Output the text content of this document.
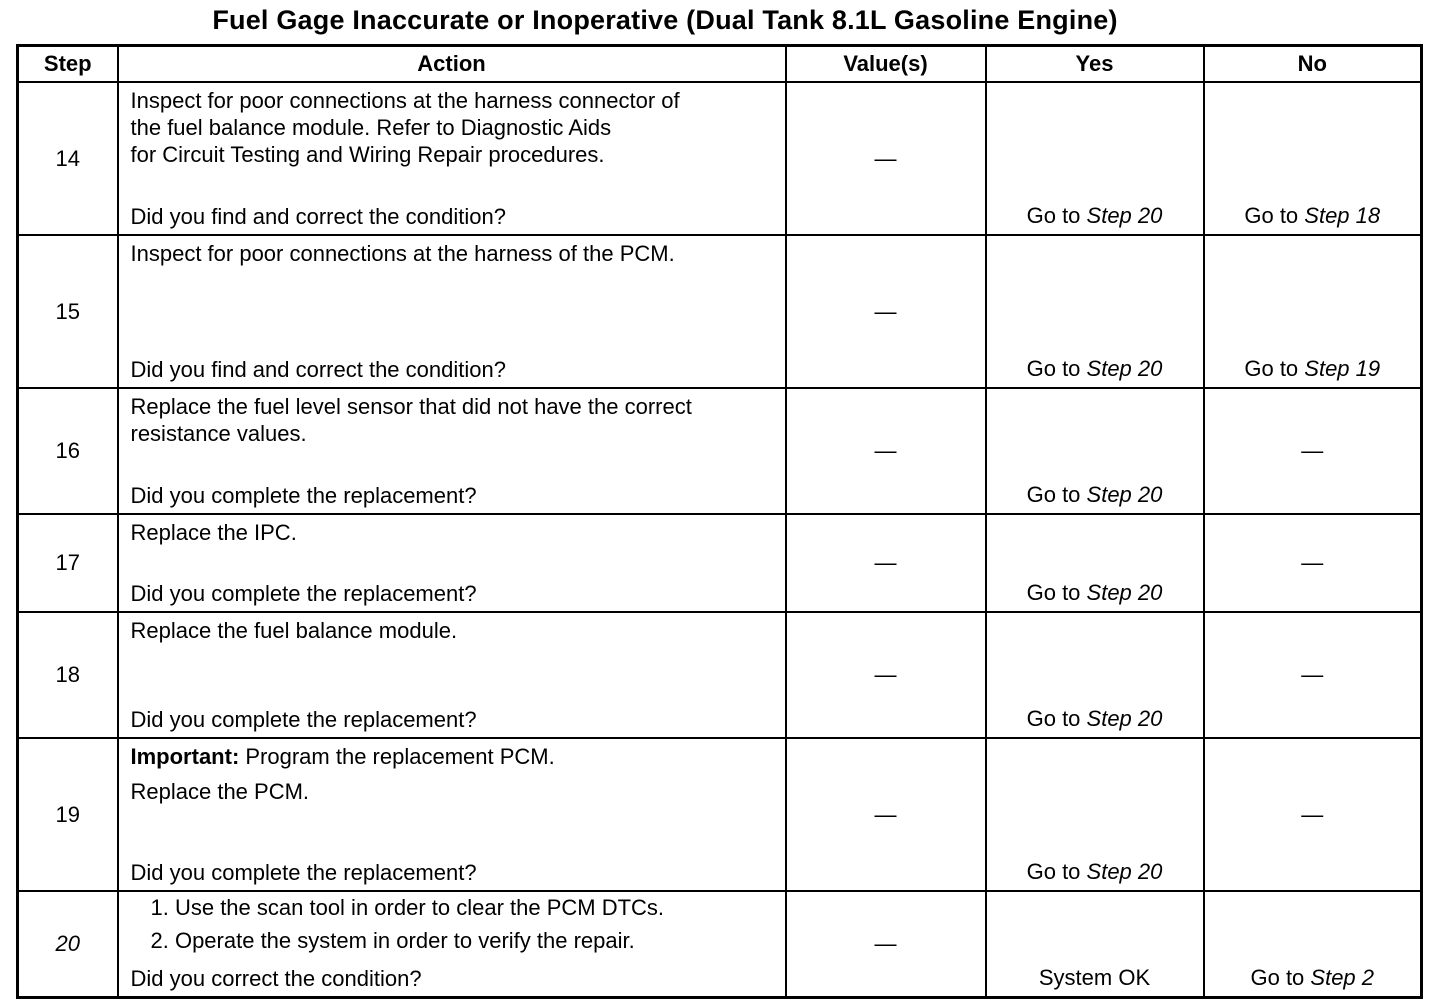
Fuel Gage Inaccurate or Inoperative (Dual Tank 8.1L Gasoline Engine)
Step	Action	Value(s)	Yes	No
14	Inspect for poor connections at the harness connector of
the fuel balance module. Refer to Diagnostic Aids
for Circuit Testing and Wiring Repair procedures.
Did you find and correct the condition?	—	Go to Step 20	Go to Step 18

15	Inspect for poor connections at the harness of the PCM.
Did you find and correct the condition?	—	Go to Step 20	Go to Step 19

16	Replace the fuel level sensor that did not have the correct
resistance values.
Did you complete the replacement?	—	Go to Step 20	—
17	Replace the IPC.
Did you complete the replacement?	—	Go to Step 20	—
18	Replace the fuel balance module.
Did you complete the replacement?	—	Go to Step 20	—
19	Important: Program the replacement PCM.
Replace the PCM.
Did you complete the replacement?	—	Go to Step 20	—
20	1. Use the scan tool in order to clear the PCM DTCs.
2. Operate the system in order to verify the repair.
Did you correct the condition?	—	System OK	Go to Step 2
